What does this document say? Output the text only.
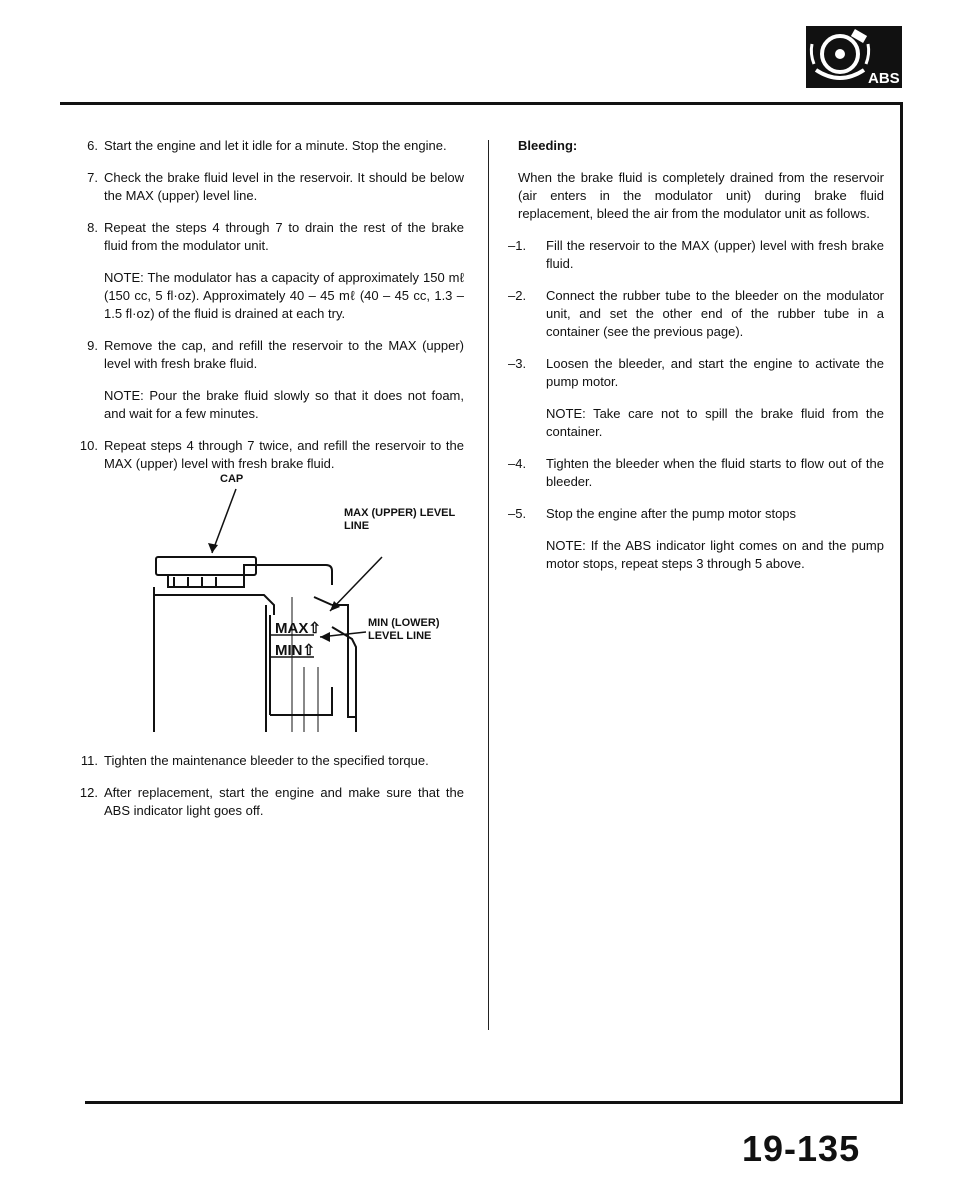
ABS
6. Start the engine and let it idle for a minute. Stop the engine.
7. Check the brake fluid level in the reservoir. It should be below the MAX (upper) level line.
8. Repeat the steps 4 through 7 to drain the rest of the brake fluid from the modulator unit.

NOTE: The modulator has a capacity of approximately 150 mℓ (150 cc, 5 fl·oz). Approximately 40 – 45 mℓ (40 – 45 cc, 1.3 – 1.5 fl·oz) of the fluid is drained at each try.

9. Remove the cap, and refill the reservoir to the MAX (upper) level with fresh brake fluid.

NOTE: Pour the brake fluid slowly so that it does not foam, and wait for a few minutes.

10. Repeat steps 4 through 7 twice, and refill the reservoir to the MAX (upper) level with fresh brake fluid.
MAX⇧
MIN⇧
CAP
MAX (UPPER) LEVEL LINE
MIN (LOWER) LEVEL LINE
11. Tighten the maintenance bleeder to the specified torque.
12. After replacement, start the engine and make sure that the ABS indicator light goes off.

Bleeding:

When the brake fluid is completely drained from the reservoir (air enters in the modulator unit) during brake fluid replacement, bleed the air from the modulator unit as follows.

–1.	Fill the reservoir to the MAX (upper) level with fresh brake fluid.
–2.	Connect the rubber tube to the bleeder on the modulator unit, and set the other end of the rubber tube in a container (see the previous page).
–3.	Loosen the bleeder, and start the engine to activate the pump motor.

NOTE: Take care not to spill the brake fluid from the container.

–4.	Tighten the bleeder when the fluid starts to flow out of the bleeder.
–5.	Stop the engine after the pump motor stops

NOTE: If the ABS indicator light comes on and the pump motor stops, repeat steps 3 through 5 above.

19-135
